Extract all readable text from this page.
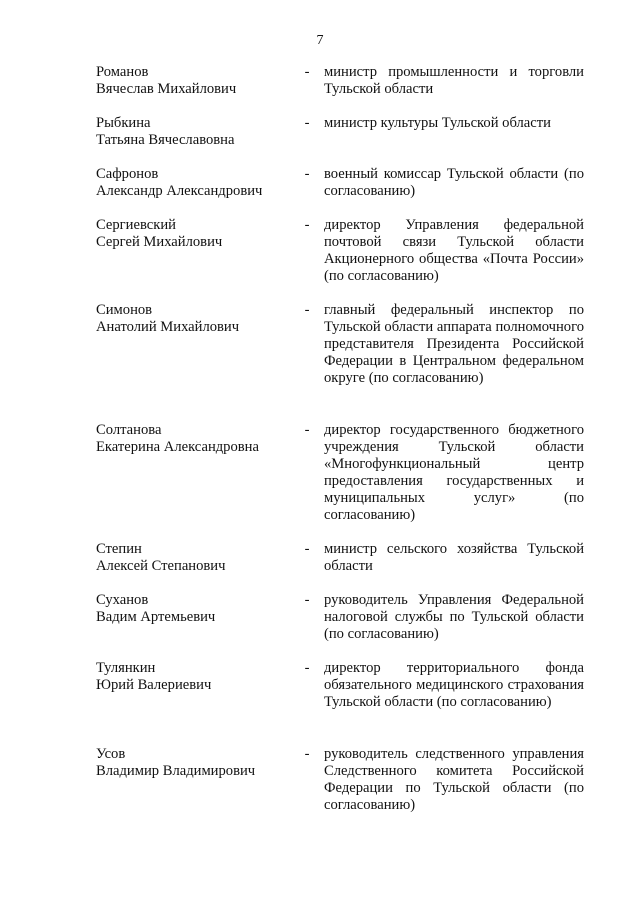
7
Романов
Вячеслав Михайлович
- министр промышленности и торговли Тульской области
Рыбкина
Татьяна Вячеславовна
- министр культуры Тульской области
Сафронов
Александр Александрович
- военный комиссар Тульской области (по согласованию)
Сергиевский
Сергей Михайлович
- директор Управления федеральной почтовой связи Тульской области Акционерного общества «Почта России» (по согласованию)
Симонов
Анатолий Михайлович
- главный федеральный инспектор по Тульской области аппарата полномочного представителя Президента Российской Федерации в Центральном федеральном округе (по согласованию)
Солтанова
Екатерина Александровна
- директор государственного бюджетного учреждения Тульской области «Многофункциональный центр предоставления государственных и муниципальных услуг» (по согласованию)
Степин
Алексей Степанович
- министр сельского хозяйства Тульской области
Суханов
Вадим Артемьевич
- руководитель Управления Федеральной налоговой службы по Тульской области (по согласованию)
Тулянкин
Юрий Валериевич
- директор территориального фонда обязательного медицинского страхования Тульской области (по согласованию)
Усов
Владимир Владимирович
- руководитель следственного управления Следственного комитета Российской Федерации по Тульской области (по согласованию)
